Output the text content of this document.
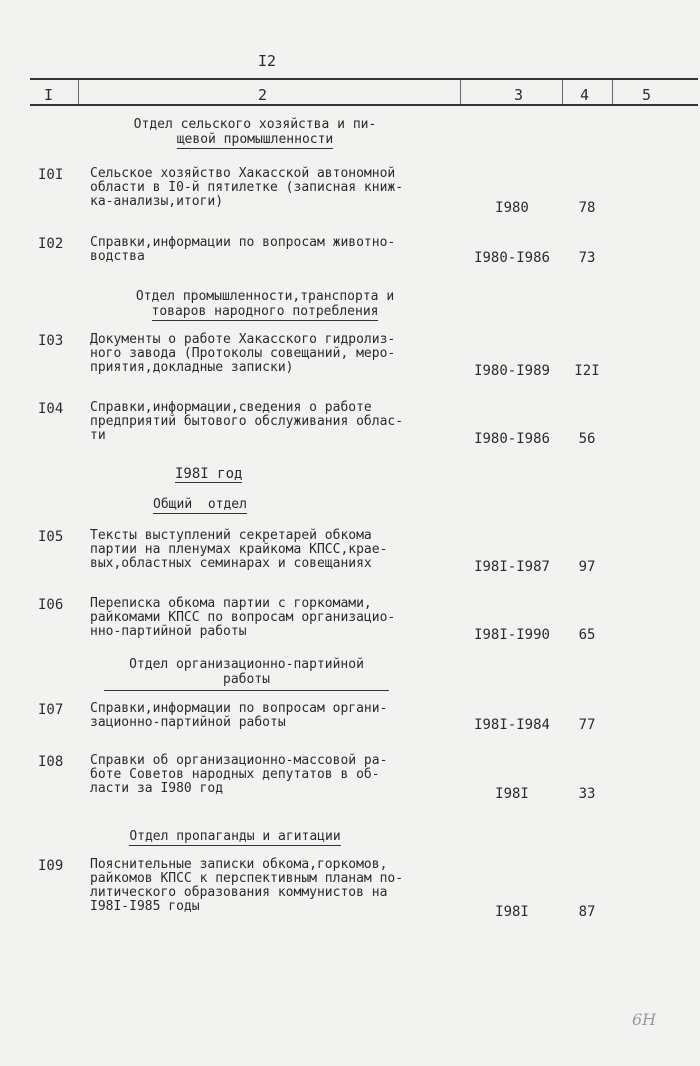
I2
I	2	3	4	5
Отдел сельского хозяйства и пи-
щевой промышленности
I0I Сельское хозяйство Хакасской автономной
области в I0-й пятилетке (записная книж-
ка-анализы,итоги)	I980	78
I02 Справки,информации по вопросам животно-
водства	I980-I986	73
Отдел промышленности,транспорта и
товаров народного потребления
I03 Документы о работе Хакасского гидролиз-
ного завода (Протоколы совещаний, меро-
приятия,докладные записки)	I980-I989	I2I
I04 Справки,информации,сведения о работе
предприятий бытового обслуживания облас-
ти	I980-I986	56
I98I год
Общий  отдел
I05 Тексты выступлений секретарей обкома
партии на пленумах крайкома КПСС,крае-
вых,областных семинарах и совещаниях	I98I-I987	97
I06 Переписка обкома партии с горкомами,
райкомами КПСС по вопросам организацио-
нно-партийной работы	I98I-I990	65
Отдел организационно-партийной
работы
I07 Справки,информации по вопросам органи-
зационно-партийной работы	I98I-I984	77
I08 Справки об организационно-массовой ра-
боте Советов народных депутатов в об-
ласти за I980 год	I98I	33
Отдел пропаганды и агитации
I09 Пояснительные записки обкома,горкомов,
райкомов КПСС к перспективным планам по-
литического образования коммунистов на
I98I-I985 годы	I98I	87
6Н
